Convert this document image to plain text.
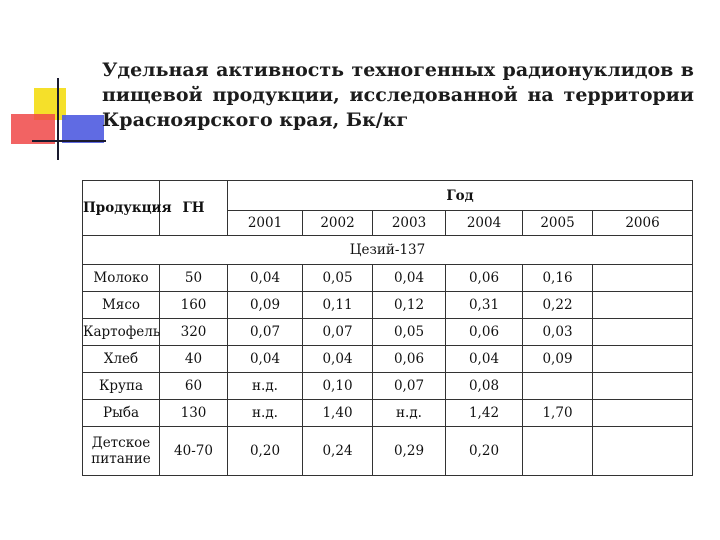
Удельная активность техногенных радионуклидов в пищевой продукции, исследованной на территории Красноярского края, Бк/кг
Продукция	ГН	Год					
		2001	2002	2003	2004	2005	2006
Цезий-137							
Молоко	50	0,04	0,05	0,04	0,06	0,16	
Мясо	160	0,09	0,11	0,12	0,31	0,22	
Картофель	320	0,07	0,07	0,05	0,06	0,03	
Хлеб	40	0,04	0,04	0,06	0,04	0,09	
Крупа	60	н.д.	0,10	0,07	0,08		
Рыба	130	н.д.	1,40	н.д.	1,42	1,70	
Детское питание	40-70	0,20	0,24	0,29	0,20		
